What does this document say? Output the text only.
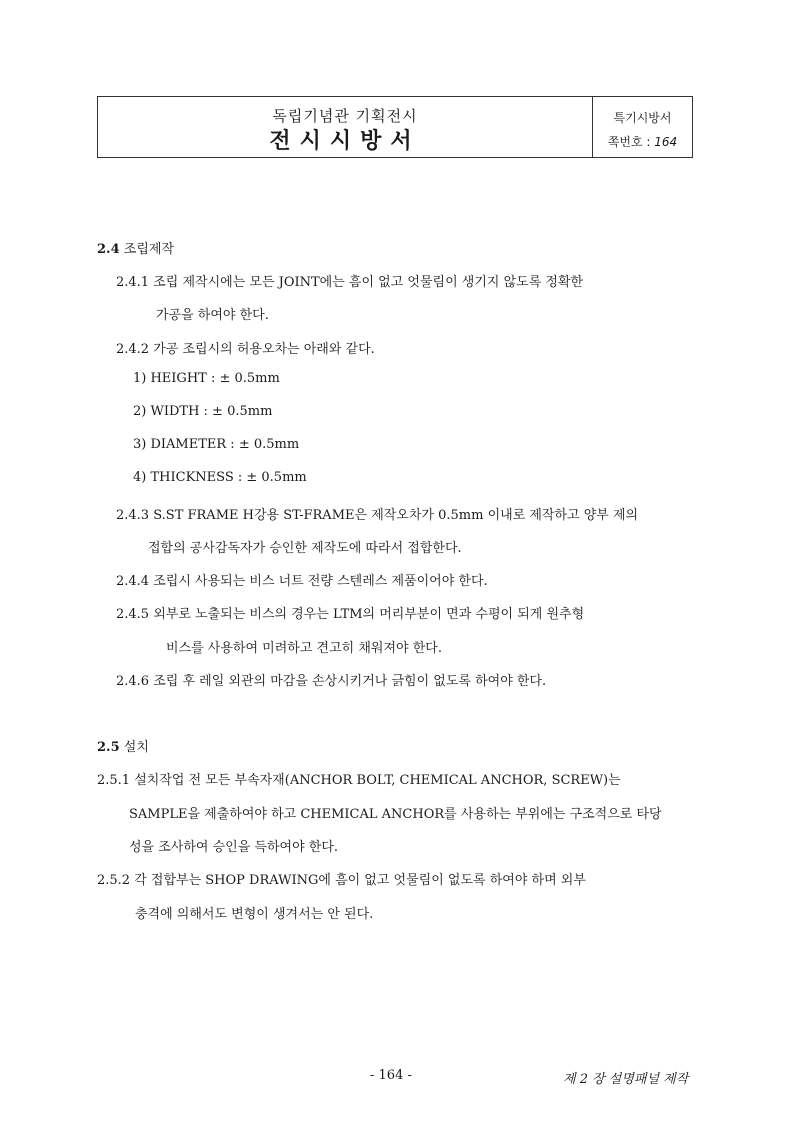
독립기념관 기획전시
전시시방서
특기시방서
쪽번호 : 164
2.4 조립제작
2.4.1 조립 제작시에는 모든 JOINT에는 흠이 없고 엇물림이 생기지 않도록 정확한
가공을 하여야 한다.
2.4.2 가공 조립시의 허용오차는 아래와 같다.
1) HEIGHT : ± 0.5mm
2) WIDTH : ± 0.5mm
3) DIAMETER : ± 0.5mm
4) THICKNESS : ± 0.5mm
2.4.3 S.ST FRAME H강용 ST-FRAME은 제작오차가 0.5mm 이내로 제작하고 양부 제의
접합의 공사감독자가 승인한 제작도에 따라서 접합한다.
2.4.4 조립시 사용되는 비스 너트 전량 스텐레스 제품이어야 한다.
2.4.5 외부로 노출되는 비스의 경우는 LTM의 머리부분이 면과 수평이 되게 원추형
비스를 사용하여 미려하고 견고히 채워져야 한다.
2.4.6 조립 후 레일 외관의 마감을 손상시키거나 긁힘이 없도록 하여야 한다.
2.5 설치
2.5.1 설치작업 전 모든 부속자재(ANCHOR BOLT, CHEMICAL ANCHOR, SCREW)는
SAMPLE을 제출하여야 하고 CHEMICAL ANCHOR를 사용하는 부위에는 구조적으로 타당
성을 조사하여 승인을 득하여야 한다.
2.5.2 각 접합부는 SHOP DRAWING에 흠이 없고 엇물림이 없도록 하여야 하며 외부
충격에 의해서도 변형이 생겨서는 안 된다.
- 164 -	제 2 장 설명패널 제작
